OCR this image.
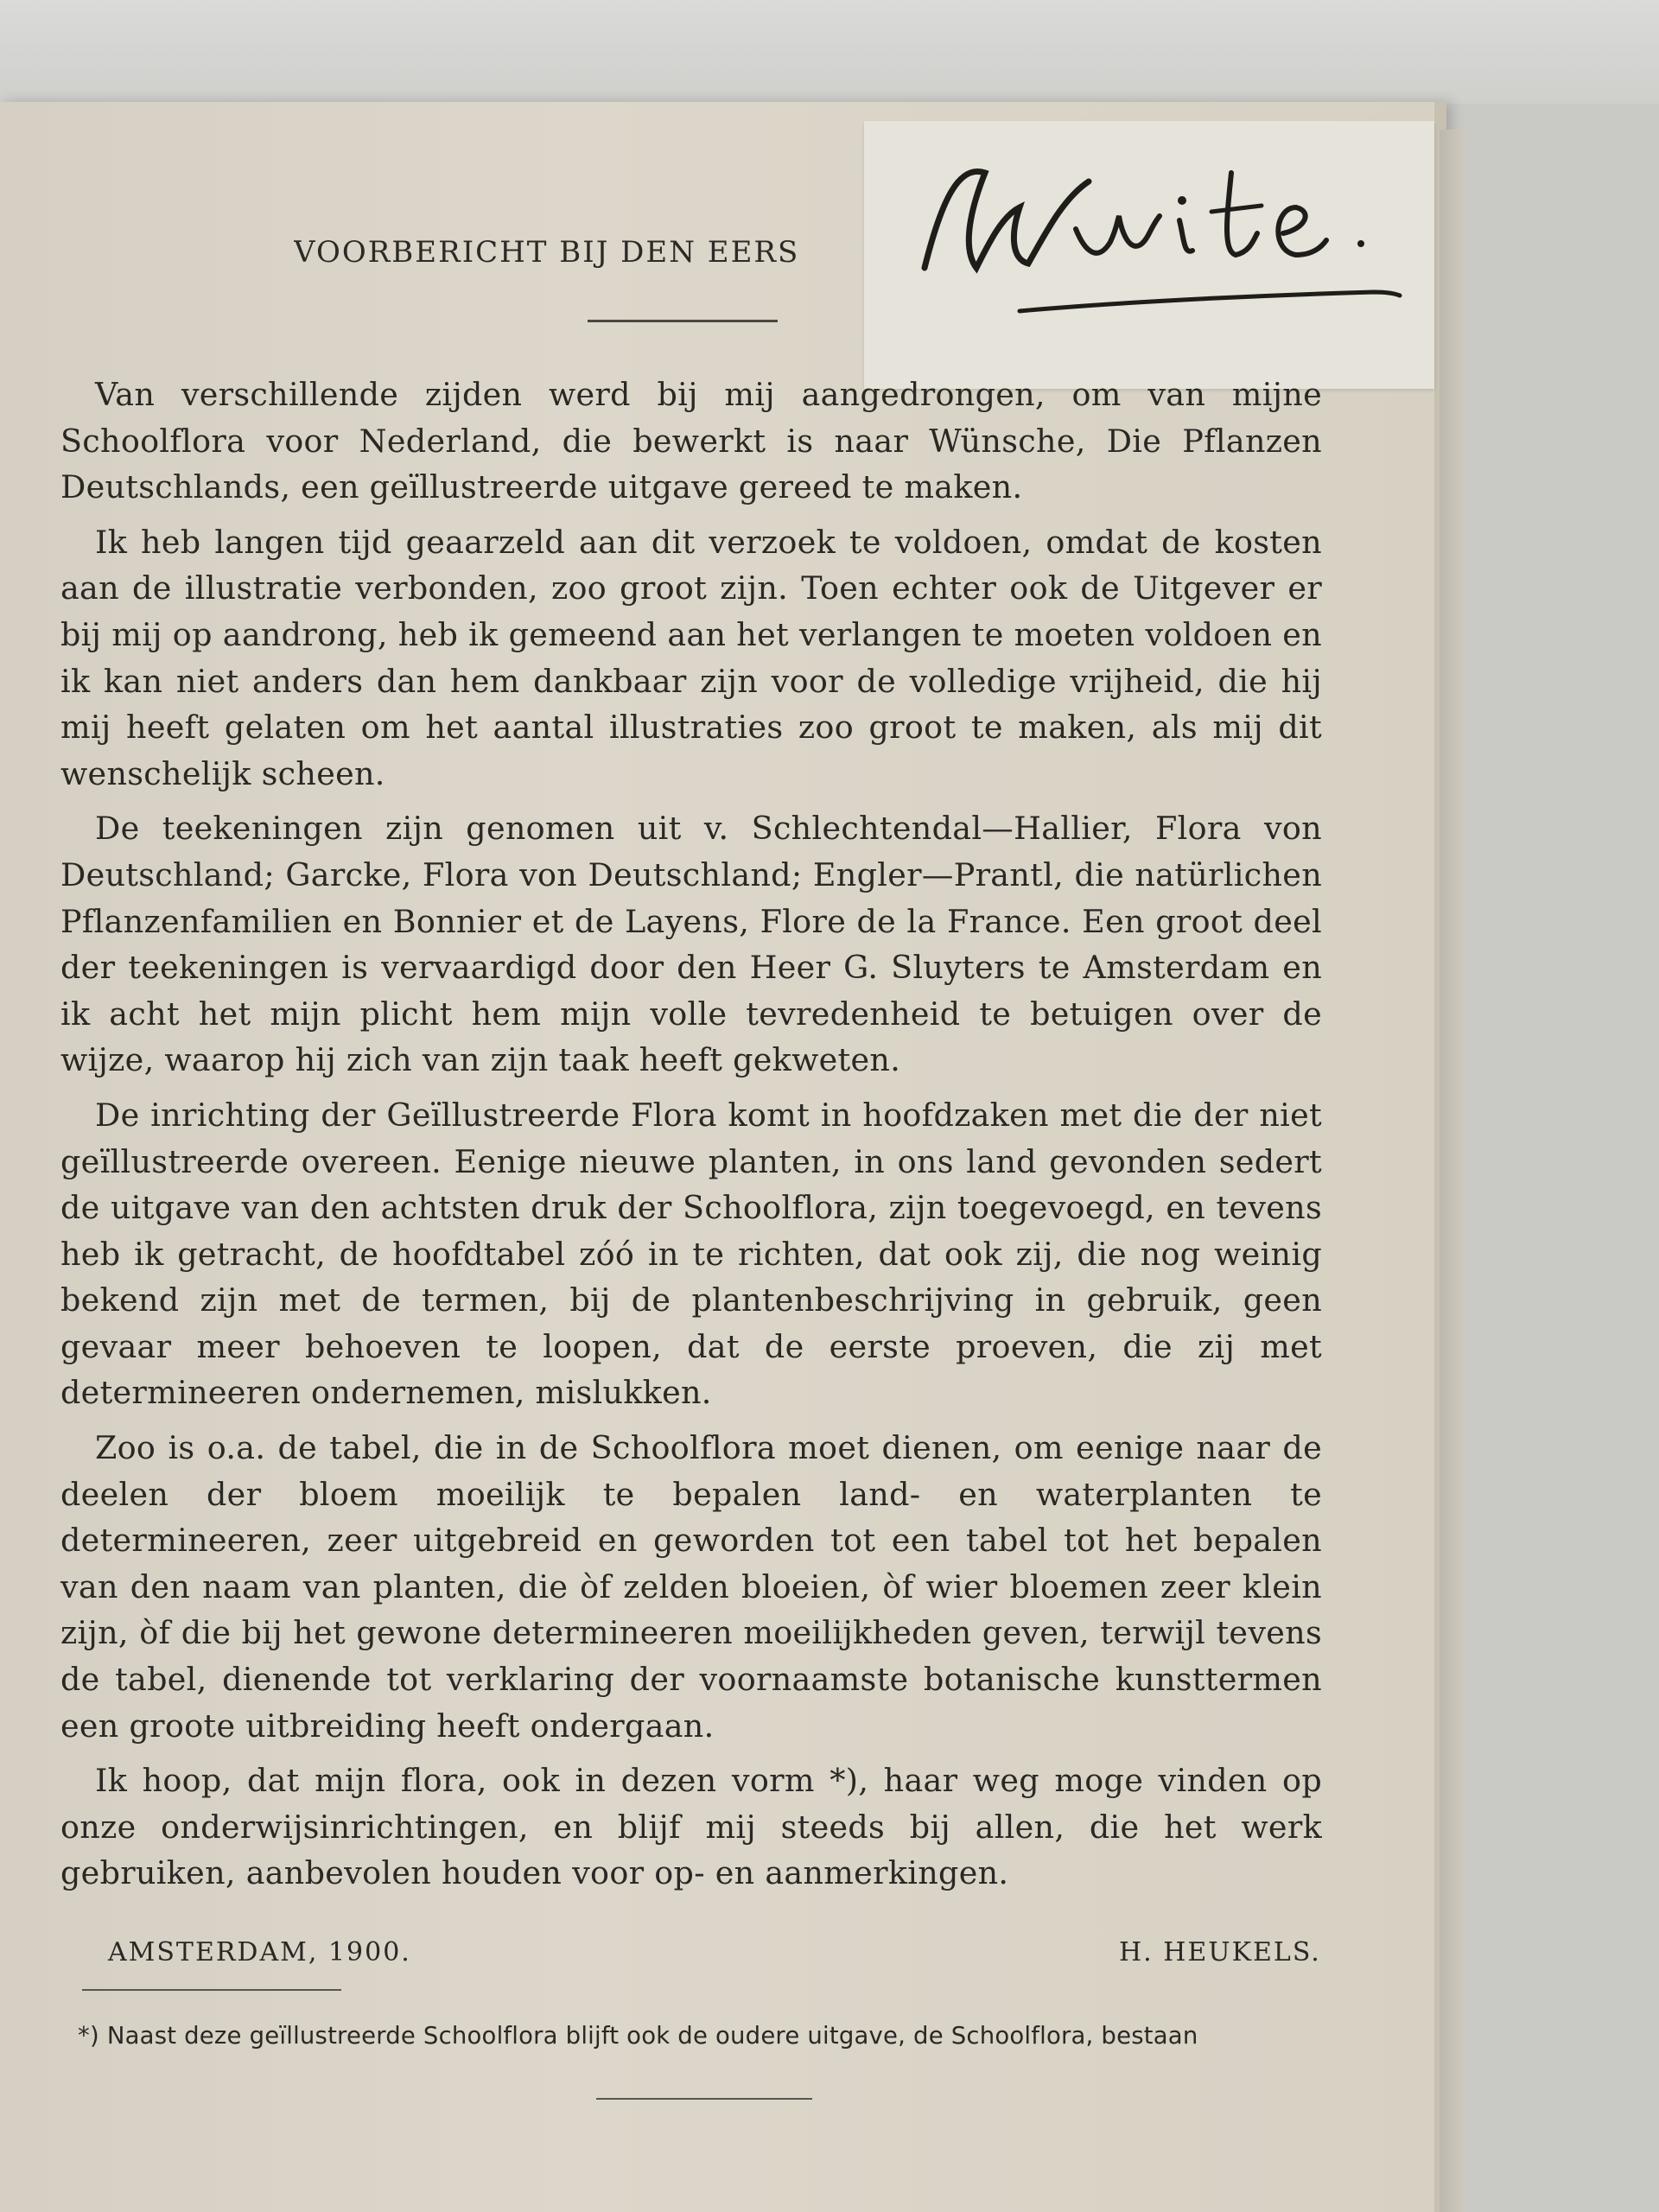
VOORBERICHT BIJ DEN EERS

Van verschillende zijden werd bij mij aangedrongen, om van mijne Schoolflora voor Nederland, die bewerkt is naar Wünsche, Die Pflanzen Deutschlands, een geïllustreerde uitgave gereed te maken.

Ik heb langen tijd geaarzeld aan dit verzoek te voldoen, omdat de kosten aan de illustratie verbonden, zoo groot zijn. Toen echter ook de Uitgever er bij mij op aandrong, heb ik gemeend aan het verlangen te moeten voldoen en ik kan niet anders dan hem dankbaar zijn voor de volledige vrijheid, die hij mij heeft gelaten om het aantal illustraties zoo groot te maken, als mij dit wenschelijk scheen.

De teekeningen zijn genomen uit v. Schlechtendal—Hallier, Flora von Deutschland; Garcke, Flora von Deutschland; Engler—Prantl, die natürlichen Pflanzenfamilien en Bonnier et de Layens, Flore de la France. Een groot deel der teekeningen is vervaardigd door den Heer G. Sluyters te Amsterdam en ik acht het mijn plicht hem mijn volle tevredenheid te betuigen over de wijze, waarop hij zich van zijn taak heeft gekweten.

De inrichting der Geïllustreerde Flora komt in hoofdzaken met die der niet geïllustreerde overeen. Eenige nieuwe planten, in ons land gevonden sedert de uitgave van den achtsten druk der Schoolflora, zijn toegevoegd, en tevens heb ik getracht, de hoofdtabel zóó in te richten, dat ook zij, die nog weinig bekend zijn met de termen, bij de plantenbeschrijving in gebruik, geen gevaar meer behoeven te loopen, dat de eerste proeven, die zij met determineeren ondernemen, mislukken.

Zoo is o.a. de tabel, die in de Schoolflora moet dienen, om eenige naar de deelen der bloem moeilijk te bepalen land- en waterplanten te determineeren, zeer uitgebreid en geworden tot een tabel tot het bepalen van den naam van planten, die òf zelden bloeien, òf wier bloemen zeer klein zijn, òf die bij het gewone determineeren moeilijkheden geven, terwijl tevens de tabel, dienende tot verklaring der voornaamste botanische kunsttermen een groote uitbreiding heeft ondergaan.

Ik hoop, dat mijn flora, ook in dezen vorm *), haar weg moge vinden op onze onderwijsinrichtingen, en blijf mij steeds bij allen, die het werk gebruiken, aanbevolen houden voor op- en aanmerkingen.

AMSTERDAM, 1900.	H. HEUKELS.
*) Naast deze geïllustreerde Schoolflora blijft ook de oudere uitgave, de Schoolflora, bestaan
